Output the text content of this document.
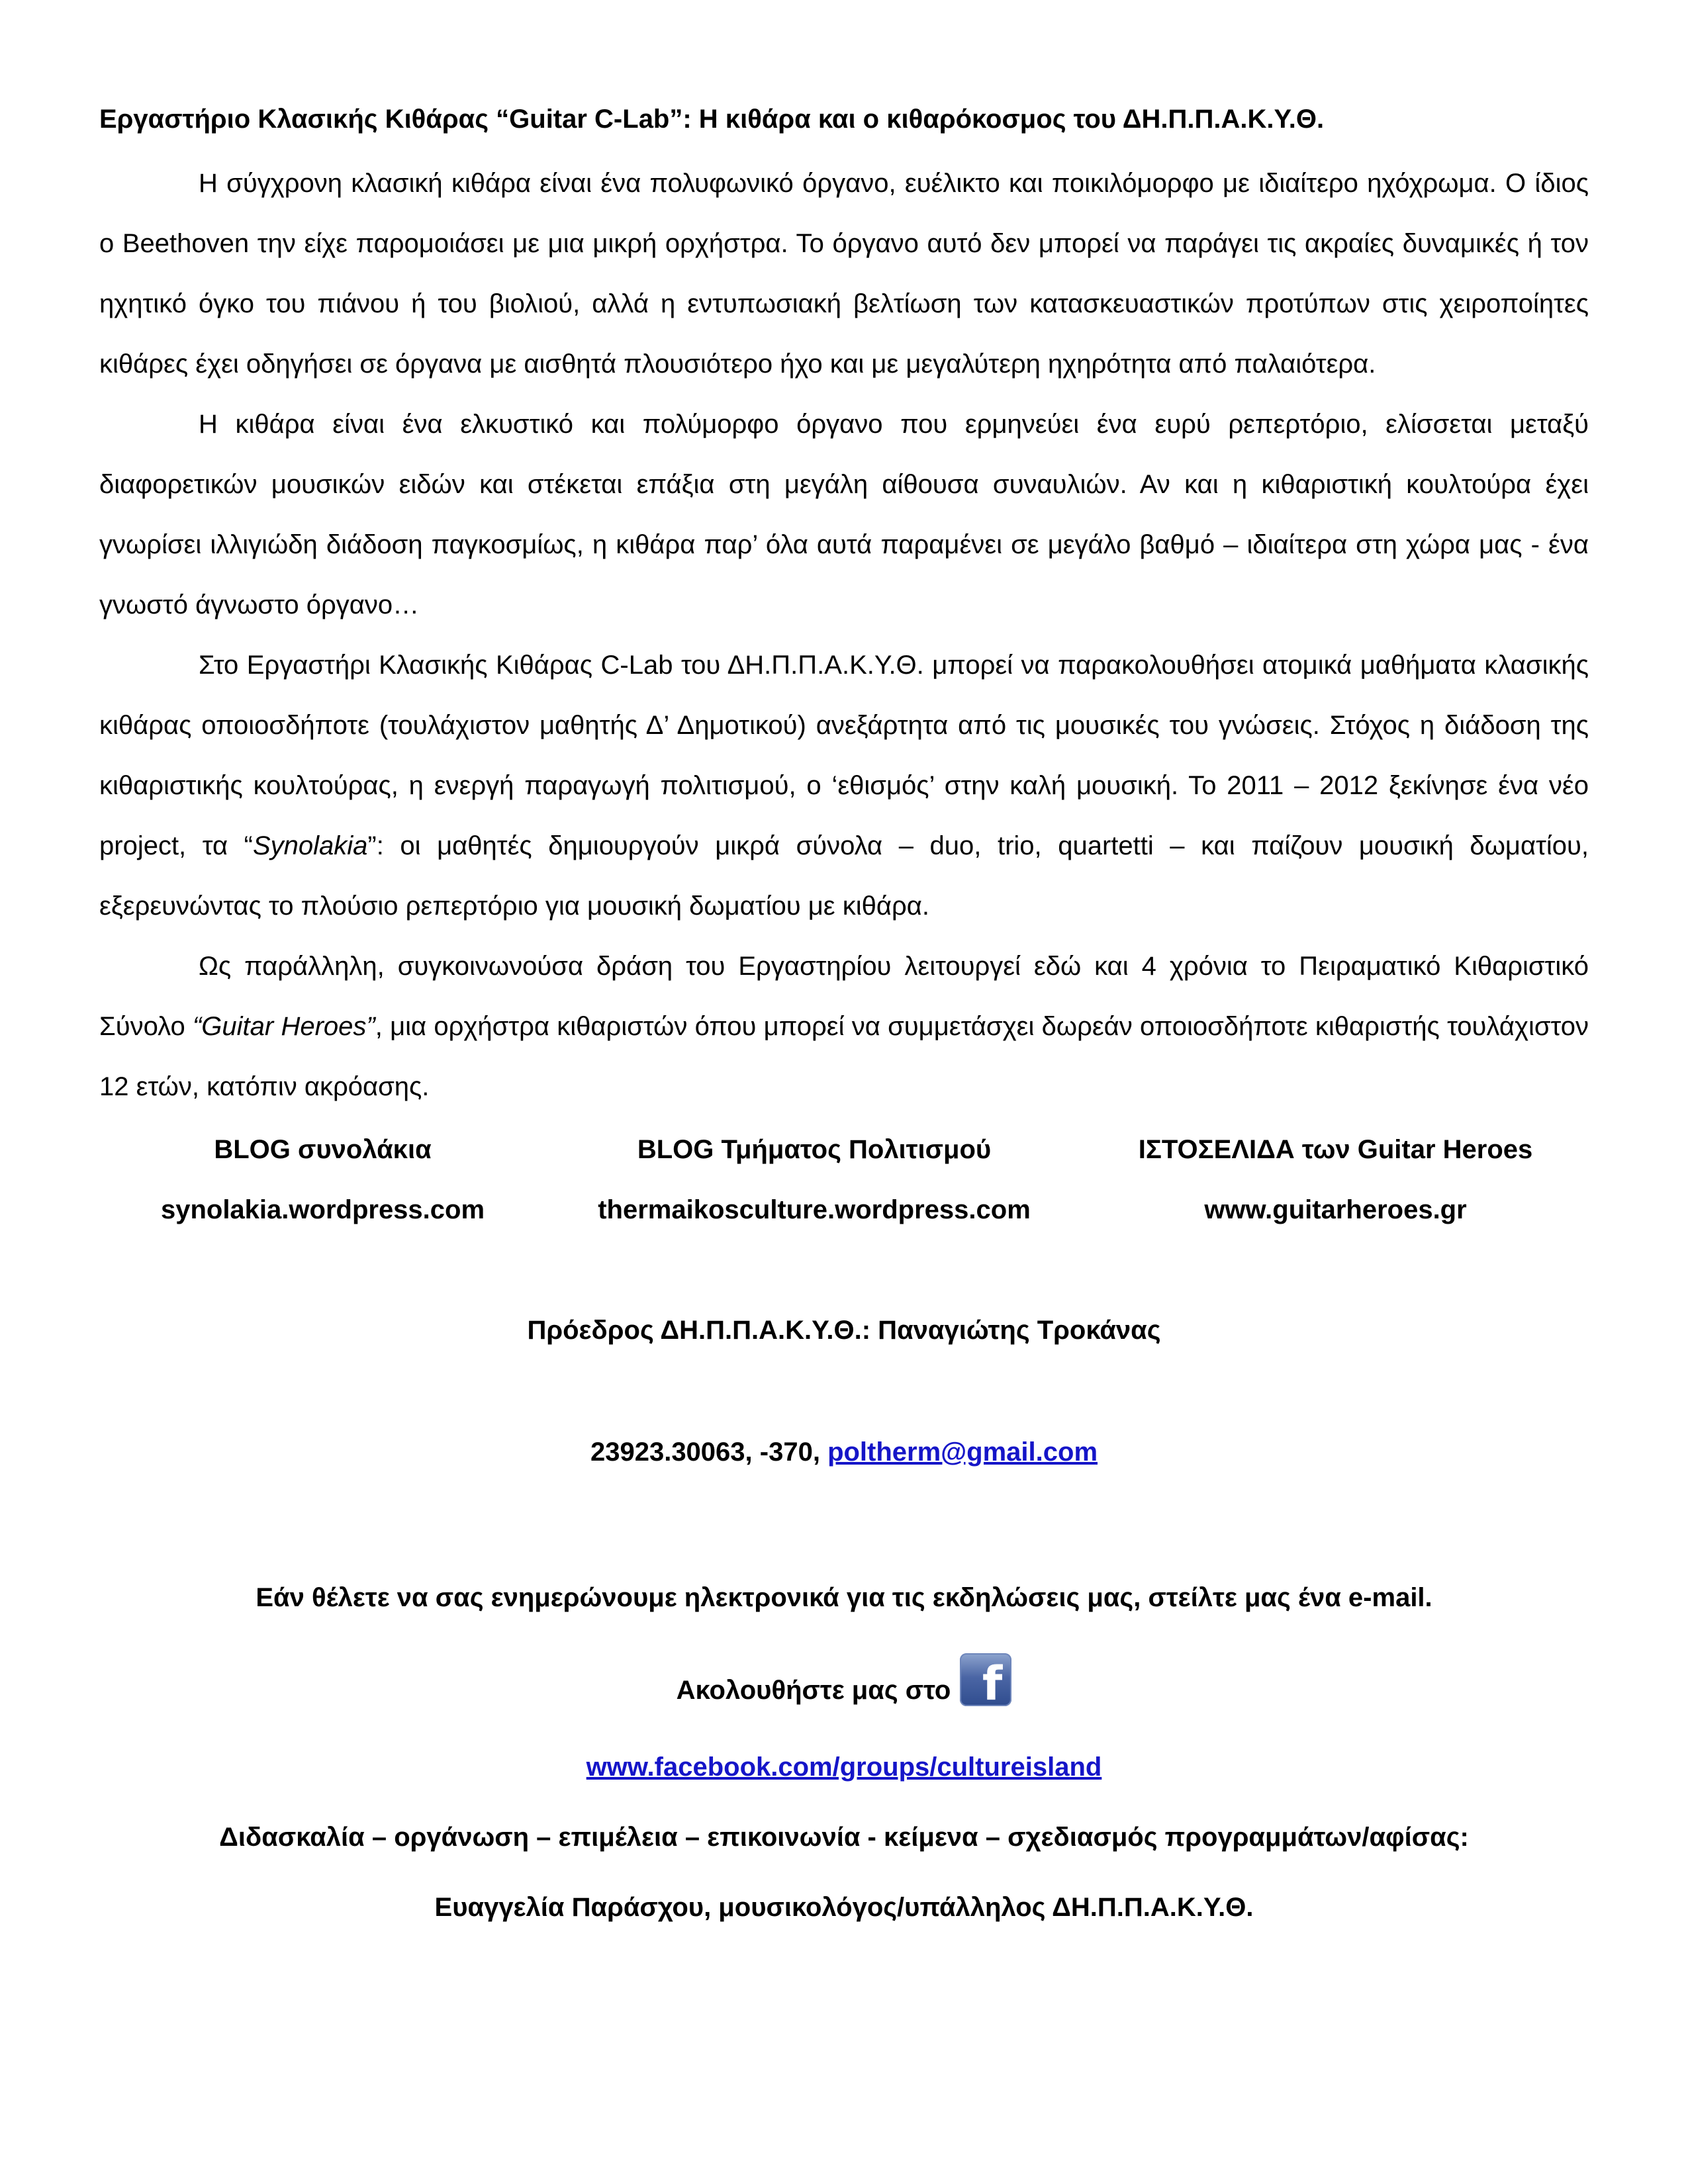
Εργαστήριο Κλασικής Κιθάρας “Guitar C-Lab”: Η κιθάρα και ο κιθαρόκοσμος του ΔΗ.Π.Π.Α.Κ.Υ.Θ.

Η σύγχρονη κλασική κιθάρα είναι ένα πολυφωνικό όργανο, ευέλικτο και ποικιλόμορφο με ιδιαίτερο ηχόχρωμα. Ο ίδιος ο Beethoven την είχε παρομοιάσει με μια μικρή ορχήστρα. Το όργανο αυτό δεν μπορεί να παράγει τις ακραίες δυναμικές ή τον ηχητικό όγκο του πιάνου ή του βιολιού, αλλά η εντυπωσιακή βελτίωση των κατασκευαστικών προτύπων στις χειροποίητες κιθάρες έχει οδηγήσει σε όργανα με αισθητά πλουσιότερο ήχο και με μεγαλύτερη ηχηρότητα από παλαιότερα.

Η κιθάρα είναι ένα ελκυστικό και πολύμορφο όργανο που ερμηνεύει ένα ευρύ ρεπερτόριο, ελίσσεται μεταξύ διαφορετικών μουσικών ειδών και στέκεται επάξια στη μεγάλη αίθουσα συναυλιών. Αν και η κιθαριστική κουλτούρα έχει γνωρίσει ιλλιγιώδη διάδοση παγκοσμίως, η κιθάρα παρ’ όλα αυτά παραμένει σε μεγάλο βαθμό – ιδιαίτερα στη χώρα μας - ένα γνωστό άγνωστο όργανο…

Στο Εργαστήρι Κλασικής Κιθάρας C-Lab του ΔΗ.Π.Π.Α.Κ.Υ.Θ. μπορεί να παρακολουθήσει ατομικά μαθήματα κλασικής κιθάρας οποιοσδήποτε (τουλάχιστον μαθητής Δ’ Δημοτικού) ανεξάρτητα από τις μουσικές του γνώσεις. Στόχος η διάδοση της κιθαριστικής κουλτούρας, η ενεργή παραγωγή πολιτισμού, ο ‘εθισμός’ στην καλή μουσική. Το 2011 – 2012 ξεκίνησε ένα νέο project, τα “Synolakia”: οι μαθητές δημιουργούν μικρά σύνολα – duo, trio, quartetti – και παίζουν μουσική δωματίου, εξερευνώντας το πλούσιο ρεπερτόριο για μουσική δωματίου με κιθάρα.

Ως παράλληλη, συγκοινωνούσα δράση του Εργαστηρίου λειτουργεί εδώ και 4 χρόνια το Πειραματικό Κιθαριστικό Σύνολο “Guitar Heroes”, μια ορχήστρα κιθαριστών όπου μπορεί να συμμετάσχει δωρεάν οποιοσδήποτε κιθαριστής τουλάχιστον 12 ετών, κατόπιν ακρόασης.

BLOG συνολάκια	BLOG Τμήματος Πολιτισμού	ΙΣΤΟΣΕΛΙΔΑ των Guitar Heroes
synolakia.wordpress.com	thermaikosculture.wordpress.com	www.guitarheroes.gr

Πρόεδρος ΔΗ.Π.Π.Α.Κ.Υ.Θ.: Παναγιώτης Τροκάνας

23923.30063, -370, poltherm@gmail.com

Εάν θέλετε να σας ενημερώνουμε ηλεκτρονικά για τις εκδηλώσεις μας, στείλτε μας ένα e-mail.

Ακολουθήστε μας στο f

www.facebook.com/groups/cultureisland

Διδασκαλία – οργάνωση – επιμέλεια – επικοινωνία - κείμενα – σχεδιασμός προγραμμάτων/αφίσας:

Ευαγγελία Παράσχου, μουσικολόγος/υπάλληλος ΔΗ.Π.Π.Α.Κ.Υ.Θ.
